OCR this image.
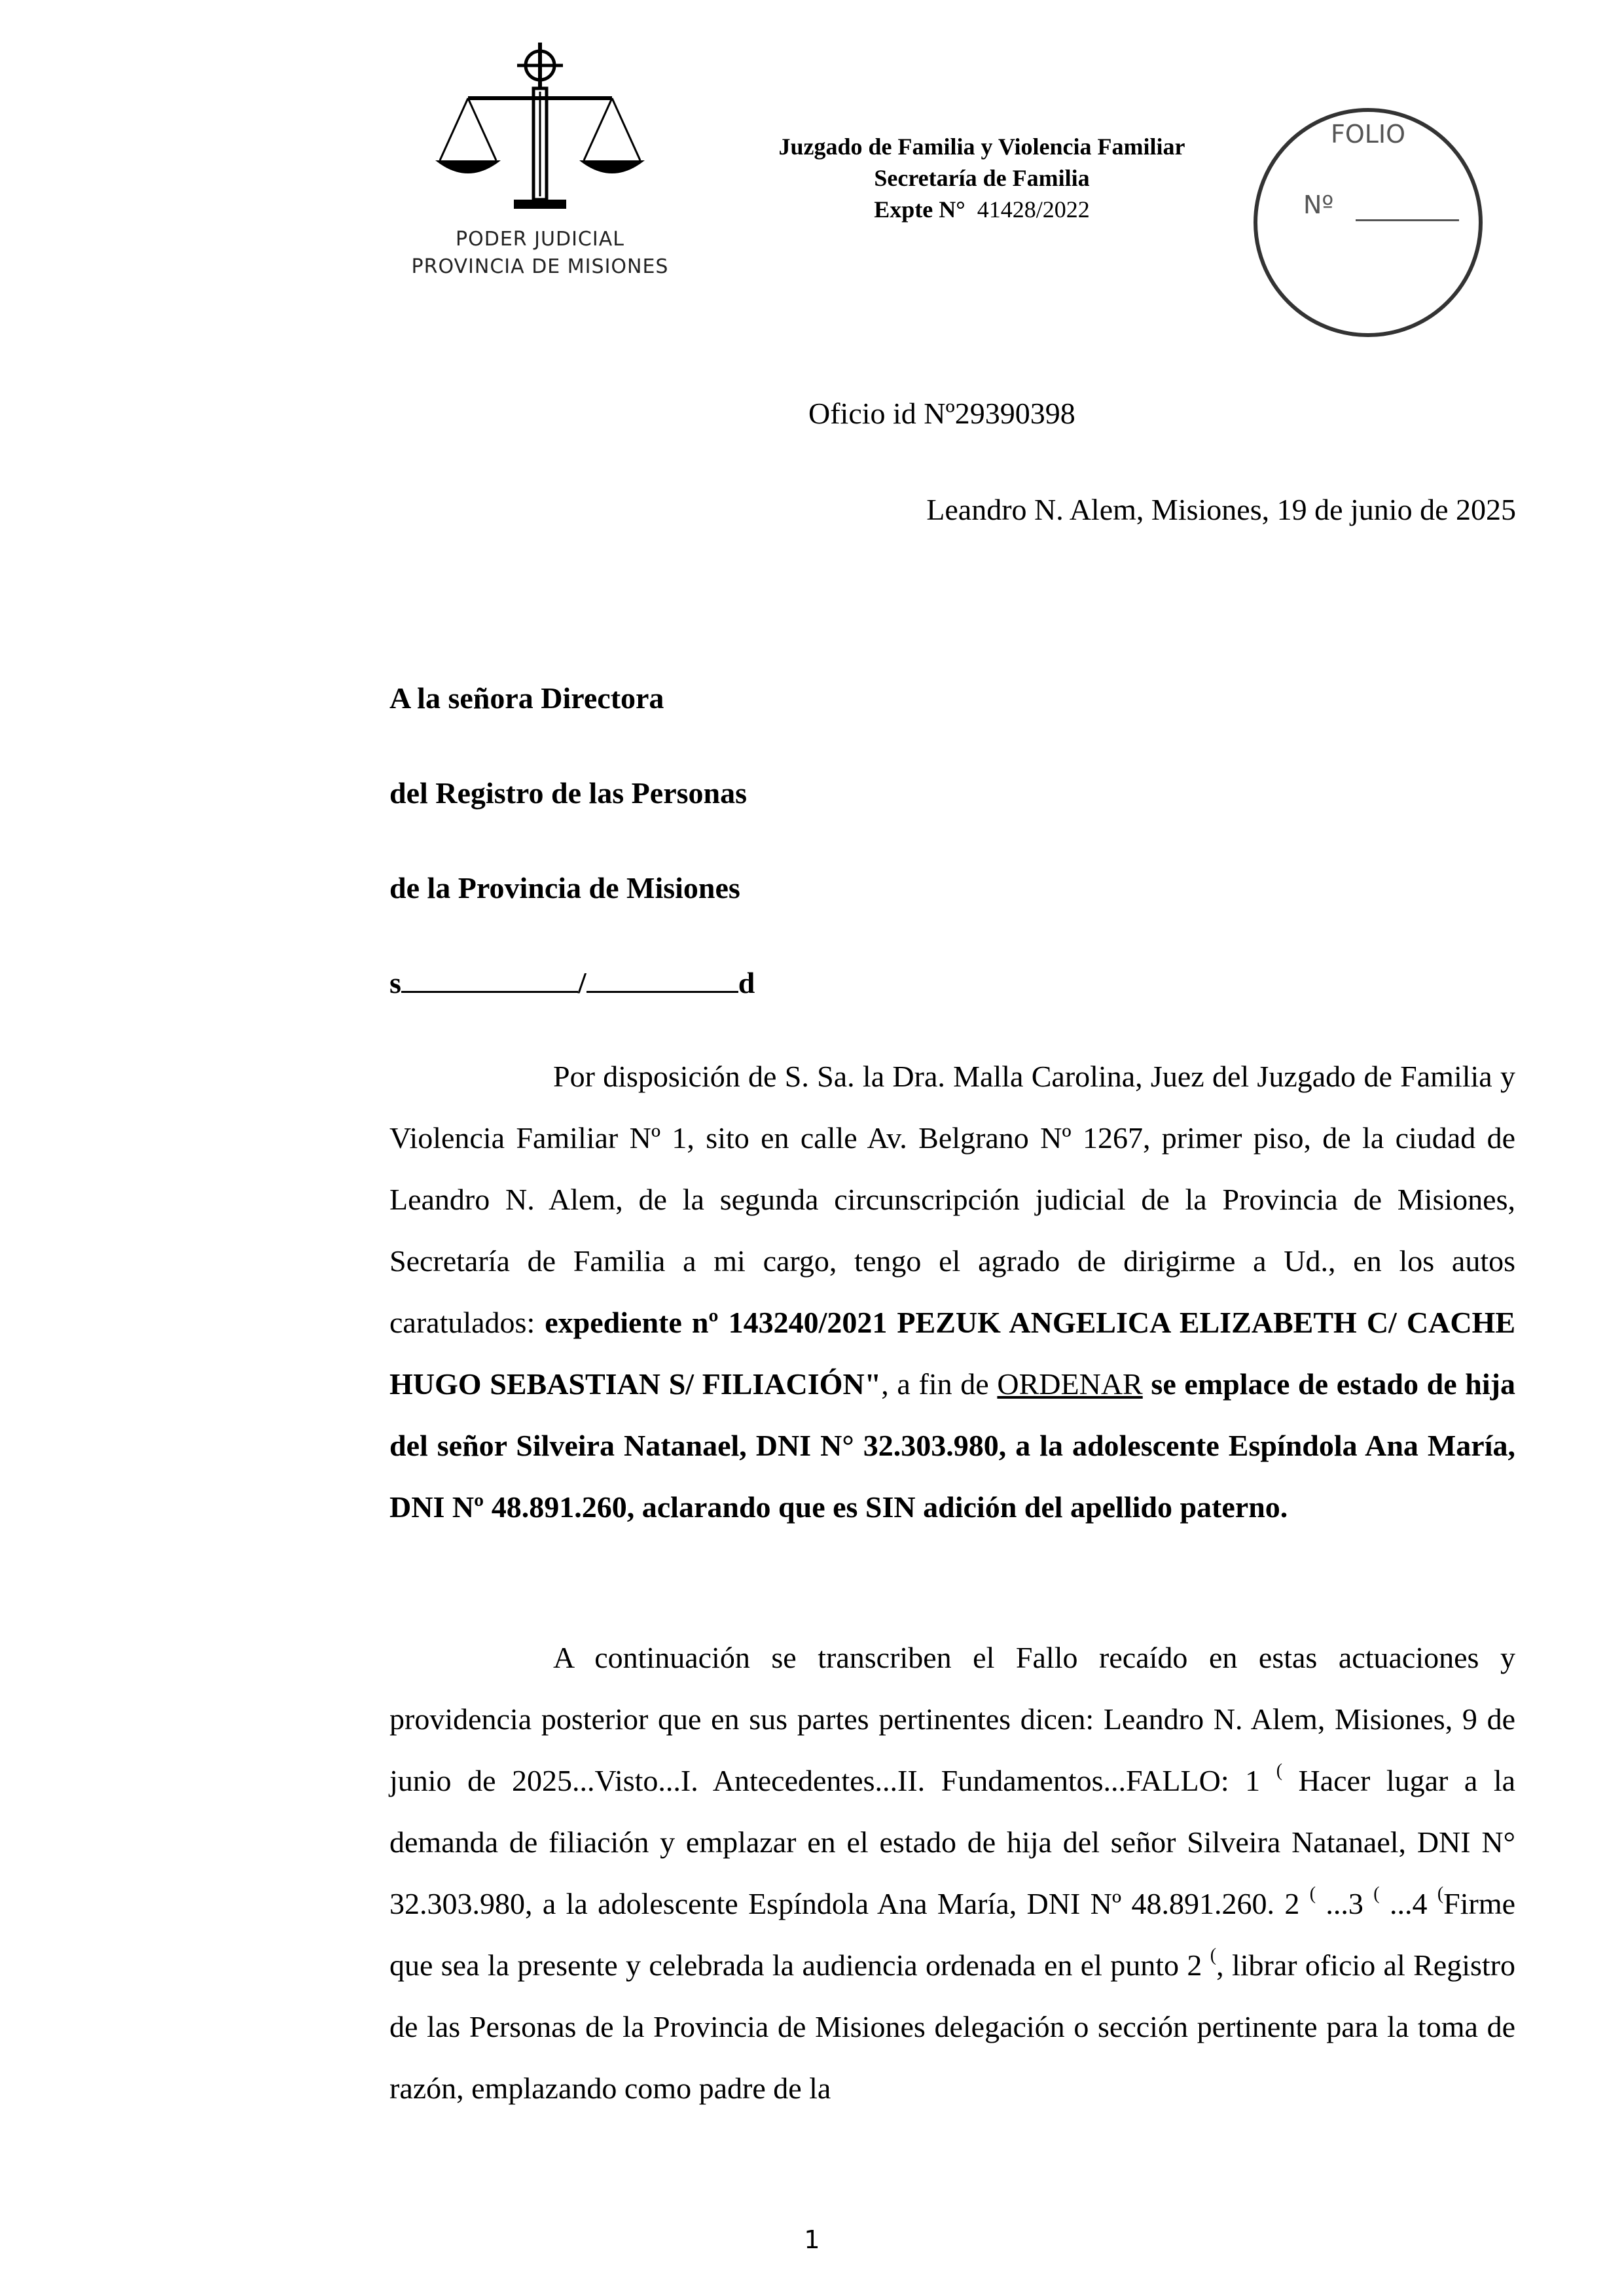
PODER JUDICIAL
PROVINCIA DE MISIONES
Juzgado de Familia y Violencia Familiar
Secretaría de Familia
Expte N° 41428/2022
FOLIO
Nº
Oficio id Nº29390398
Leandro N. Alem, Misiones, 19 de junio de 2025
A la señora Directora
del Registro de las Personas
de la Provincia de Misiones
s	/	d
Por disposición de S. Sa. la Dra. Malla Carolina, Juez del Juzgado de Familia y Violencia Familiar Nº 1, sito en calle Av. Belgrano Nº 1267, primer piso, de la ciudad de Leandro N. Alem, de la segunda circunscripción judicial de la Provincia de Misiones, Secretaría de Familia a mi cargo, tengo el agrado de dirigirme a Ud., en los autos caratulados: expediente nº 143240/2021 PEZUK ANGELICA ELIZABETH C/ CACHE HUGO SEBASTIAN S/ FILIACIÓN", a fin de ORDENAR se emplace de estado de hija del señor Silveira Natanael, DNI N° 32.303.980, a la adolescente Espíndola Ana María, DNI Nº 48.891.260, aclarando que es SIN adición del apellido paterno.
A continuación se transcriben el Fallo recaído en estas actuaciones y providencia posterior que en sus partes pertinentes dicen: Leandro N. Alem, Misiones, 9 de junio de 2025...Visto...I. Antecedentes...II. Fundamentos...FALLO: 1 ( Hacer lugar a la demanda de filiación y emplazar en el estado de hija del señor Silveira Natanael, DNI N° 32.303.980, a la adolescente Espíndola Ana María, DNI Nº 48.891.260. 2 ( ...3 ( ...4 (Firme que sea la presente y celebrada la audiencia ordenada en el punto 2 (, librar oficio al Registro de las Personas de la Provincia de Misiones delegación o sección pertinente para la toma de razón, emplazando como padre de la
1
